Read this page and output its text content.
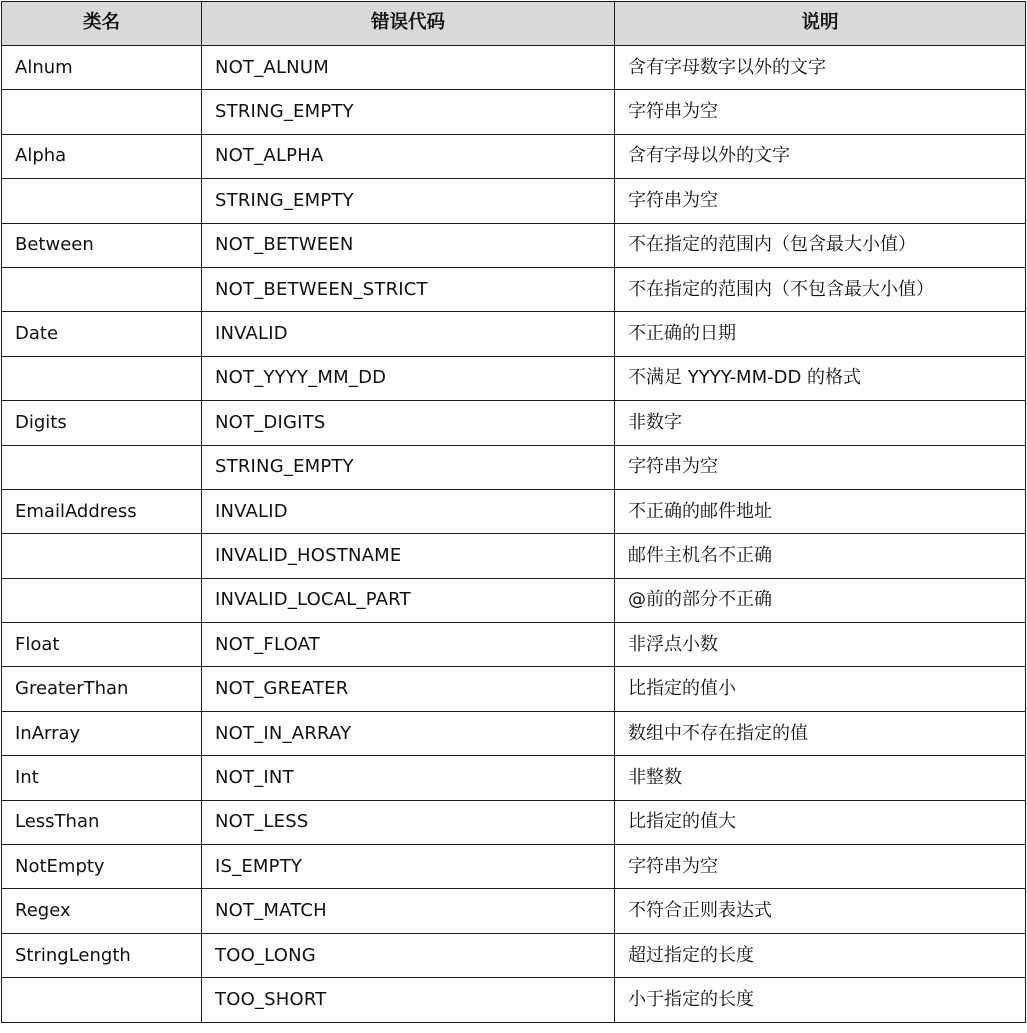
类名	错误代码	说明
Alnum	NOT_ALNUM	含有字母数字以外的文字
	STRING_EMPTY	字符串为空
Alpha	NOT_ALPHA	含有字母以外的文字
	STRING_EMPTY	字符串为空
Between	NOT_BETWEEN	不在指定的范围内（包含最大小值）
	NOT_BETWEEN_STRICT	不在指定的范围内（不包含最大小值）
Date	INVALID	不正确的日期
	NOT_YYYY_MM_DD	不满足 YYYY-MM-DD 的格式
Digits	NOT_DIGITS	非数字
	STRING_EMPTY	字符串为空
EmailAddress	INVALID	不正确的邮件地址
	INVALID_HOSTNAME	邮件主机名不正确
	INVALID_LOCAL_PART	@前的部分不正确
Float	NOT_FLOAT	非浮点小数
GreaterThan	NOT_GREATER	比指定的值小
InArray	NOT_IN_ARRAY	数组中不存在指定的值
Int	NOT_INT	非整数
LessThan	NOT_LESS	比指定的值大
NotEmpty	IS_EMPTY	字符串为空
Regex	NOT_MATCH	不符合正则表达式
StringLength	TOO_LONG	超过指定的长度
	TOO_SHORT	小于指定的长度
